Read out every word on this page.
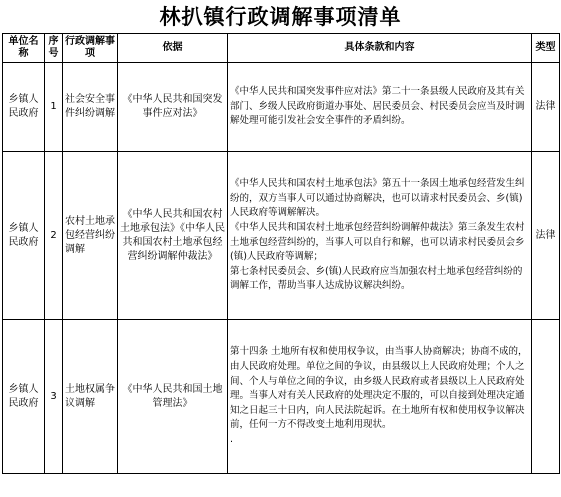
林扒镇行政调解事项清单
单位名称	序号	行政调解事项	依据	具体条款和内容	类型
乡镇人民政府	1	社会安全事件纠纷调解	《中华人民共和国突发事件应对法》	《中华人民共和国突发事件应对法》第二十一条县级人民政府及其有关部门、乡级人民政府街道办事处、居民委员会、村民委员会应当及时调解处理可能引发社会安全事件的矛盾纠纷。	法律
乡镇人民政府	2	农村土地承包经营纠纷调解	《中华人民共和国农村土地承包法》《中华人民共和国农村土地承包经营纠纷调解仲裁法》	《中华人民共和国农村土地承包法》第五十一条因土地承包经营发生纠纷的，双方当事人可以通过协商解决，也可以请求村民委员会、乡(镇)人民政府等调解解决。

《中华人民共和国农村土地承包经营纠纷调解仲裁法》第三条发生农村土地承包经营纠纷的，当事人可以自行和解，也可以请求村民委员会乡(镇)人民政府等调解；

第七条村民委员会、乡(镇)人民政府应当加强农村土地承包经营纠纷的调解工作，帮助当事人达成协议解决纠纷。	法律
乡镇人民政府	3	土地权属争议调解	《中华人民共和国土地管理法》	第十四条 土地所有权和使用权争议，由当事人协商解决；协商不成的，由人民政府处理。单位之间的争议，由县级以上人民政府处理；个人之间、个人与单位之间的争议，由乡级人民政府或者县级以上人民政府处理。当事人对有关人民政府的处理决定不服的，可以自接到处理决定通知之日起三十日内，向人民法院起诉。在土地所有权和使用权争议解决前，任何一方不得改变土地利用现状。

.	
